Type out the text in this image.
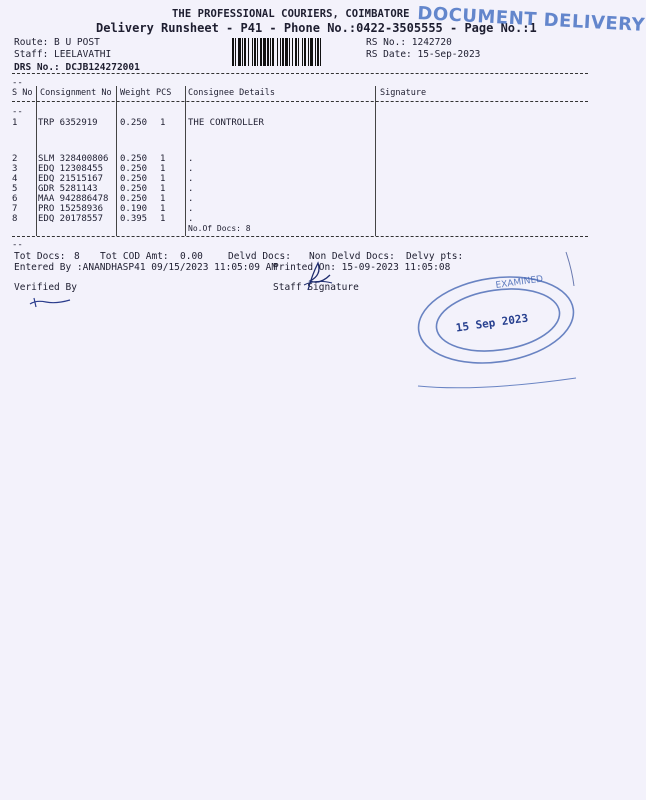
THE PROFESSIONAL COURIERS, COIMBATORE
Delivery Runsheet - P41 - Phone No.:0422-3505555 - Page No.:1
DOCUMENT DELIVERY
Route: B U POST
Staff: LEELAVATHI
DRS No.: DCJB124272001
RS No.: 1242720
RS Date: 15-Sep-2023
--
S No Consignment No Weight PCS Consignee Details	Signature
--
1 TRP 6352919 0.250 1	THE CONTROLLER
2 SLM 328400806 0.250 1	.
3 EDQ 12308455 0.250 1	.
4 EDQ 21515167 0.250 1	.
5 GDR 5281143 0.250 1	.
6 MAA 942886478 0.250 1	.
7 PRO 15258936 0.190 1	.
8 EDQ 20178557 0.395 1	.
No.Of Docs: 8
--
Tot Docs: 8 Tot COD Amt: 0.00	Delvd Docs: Non Delvd Docs: Delvy pts:
Entered By :ANANDHASP41 09/15/2023 11:05:09 AM
Printed On: 15-09-2023 11:05:08
Verified By	Staff Signature	EXAMINED
15 Sep 2023
